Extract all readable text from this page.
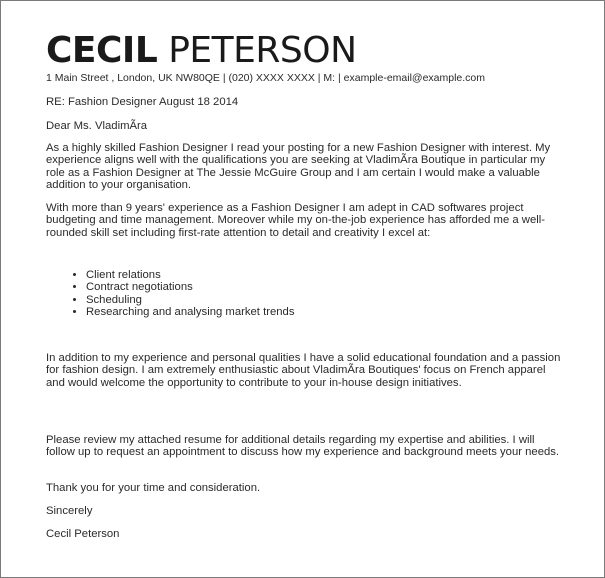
CECIL PETERSON
1 Main Street , London, UK NW80QE | (020) XXXX XXXX | M: | example-email@example.com

RE: Fashion Designer August 18 2014

Dear Ms. VladimÃra

As a highly skilled Fashion Designer I read your posting for a new Fashion Designer with interest. My experience aligns well with the qualifications you are seeking at VladimÃra Boutique in particular my role as a Fashion Designer at The Jessie McGuire Group and I am certain I would make a valuable addition to your organisation.

With more than 9 years' experience as a Fashion Designer I am adept in CAD softwares project budgeting and time management. Moreover while my on-the-job experience has afforded me a well-rounded skill set including first-rate attention to detail and creativity I excel at:

• Client relations
• Contract negotiations
• Scheduling
• Researching and analysing market trends

In addition to my experience and personal qualities I have a solid educational foundation and a passion for fashion design. I am extremely enthusiastic about VladimÃra Boutiques' focus on French apparel and would welcome the opportunity to contribute to your in-house design initiatives.

Please review my attached resume for additional details regarding my expertise and abilities. I will follow up to request an appointment to discuss how my experience and background meets your needs.

Thank you for your time and consideration.

Sincerely

Cecil Peterson
